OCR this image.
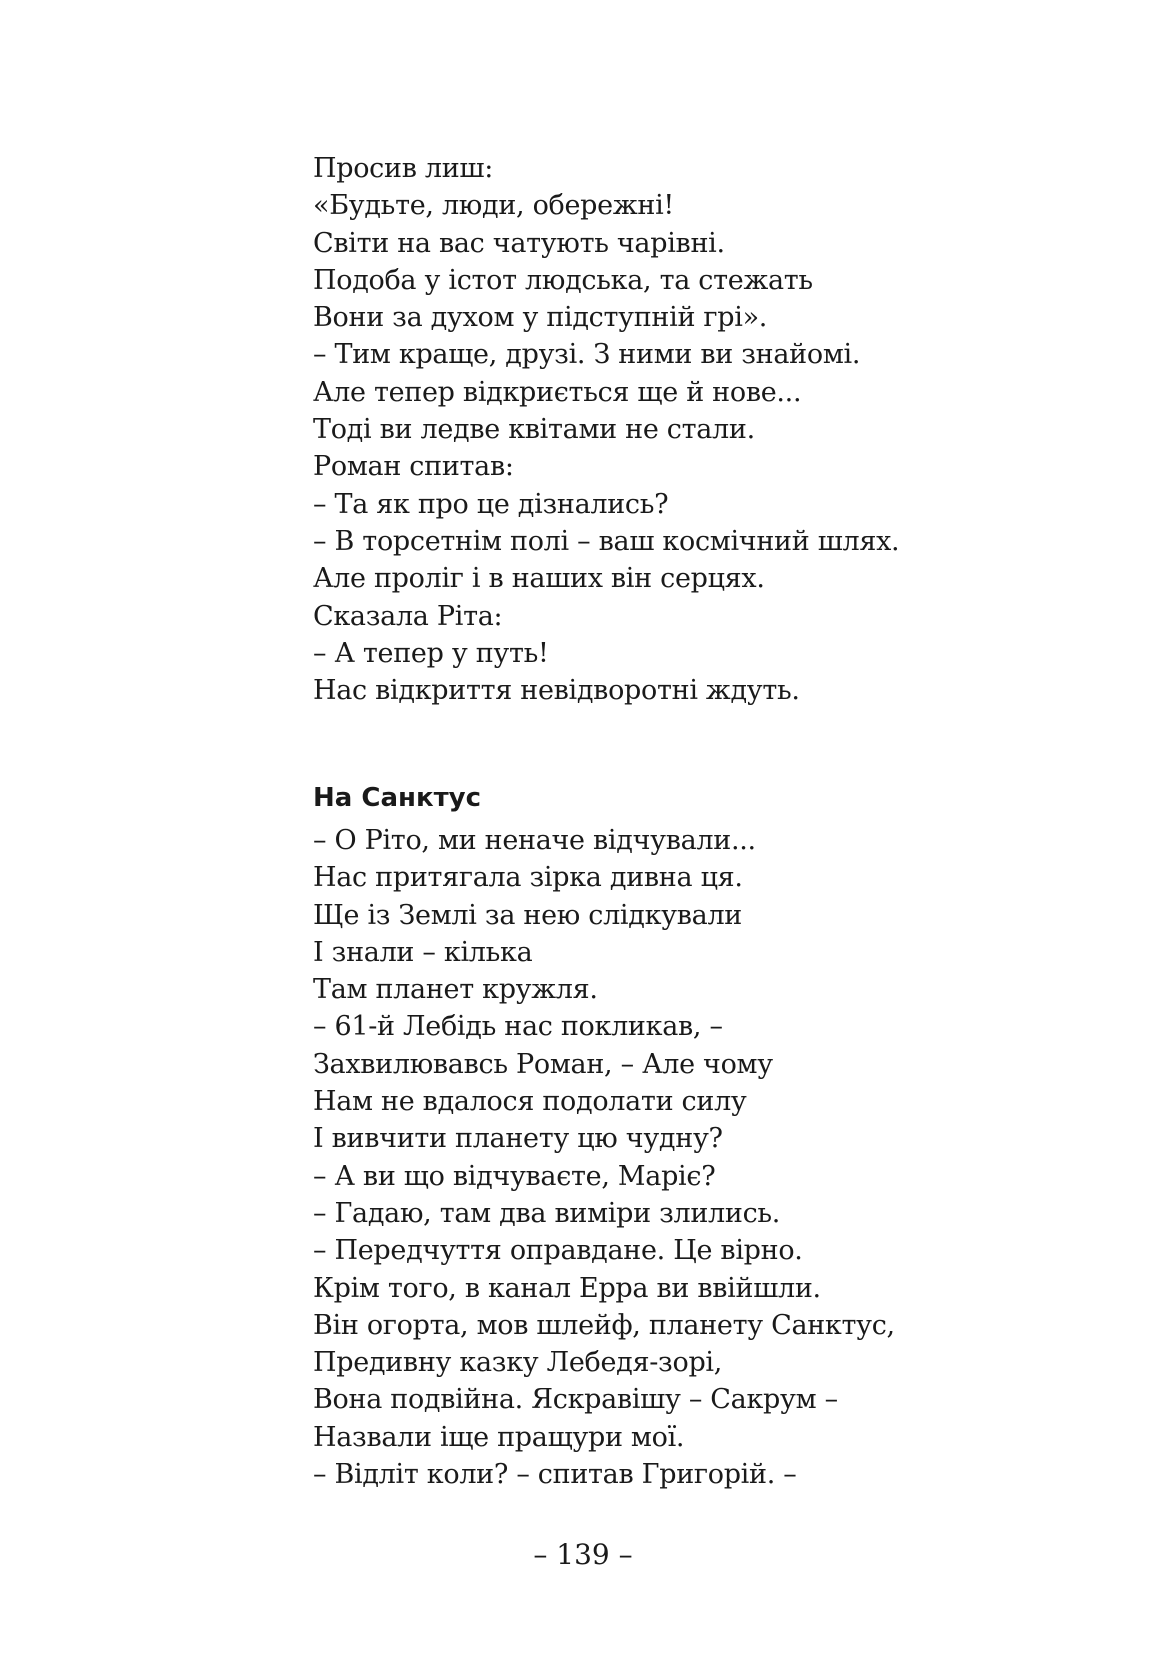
Просив лиш:
«Будьте, люди, обережні!
Світи на вас чатують чарівні.
Подоба у істот людська, та стежать
Вони за духом у підступній грі».
– Тим краще, друзі. З ними ви знайомі.
Але тепер відкриється ще й нове...
Тоді ви ледве квітами не стали.
Роман спитав:
– Та як про це дізнались?
– В торсетнім полі – ваш космічний шлях.
Але проліг і в наших він серцях.
Сказала Ріта:
– А тепер у путь!
Нас відкриття невідворотні ждуть.
На Санктус
– О Ріто, ми неначе відчували...
Нас притягала зірка дивна ця.
Ще із Землі за нею слідкували
І знали – кілька
Там планет кружля.
– 61-й Лебідь нас покликав, –
Захвилювавсь Роман, – Але чому
Нам не вдалося подолати силу
І вивчити планету цю чудну?
– А ви що відчуваєте, Маріє?
– Гадаю, там два виміри злились.
– Передчуття оправдане. Це вірно.
Крім того, в канал Ерра ви ввійшли.
Він огорта, мов шлейф, планету Санктус,
Предивну казку Лебедя-зорі,
Вона подвійна. Яскравішу – Сакрум –
Назвали іще пращури мої.
– Відліт коли? – спитав Григорій. –
– 139 –
